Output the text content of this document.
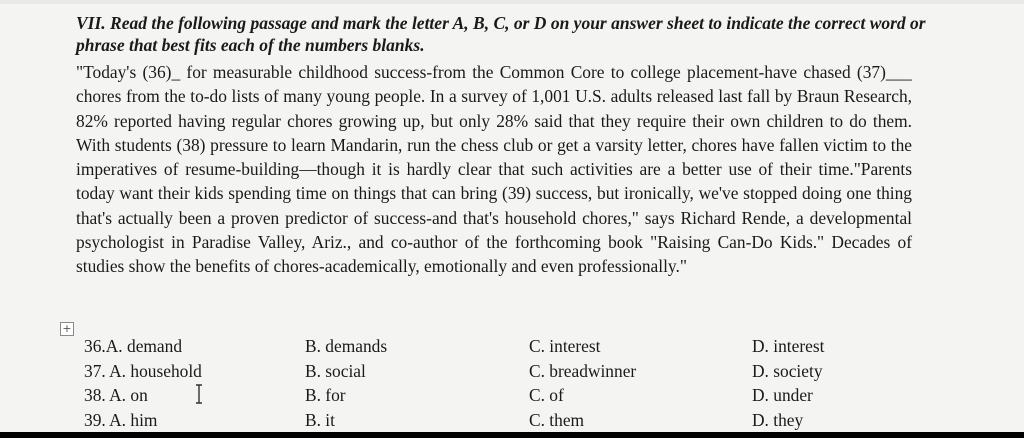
VII. Read the following passage and mark the letter A, B, C, or D on your answer sheet to indicate the correct word or phrase that best fits each of the numbers blanks.

"Today's (36)_ for measurable childhood success-from the Common Core to college placement-have chased (37)___ chores from the to-do lists of many young people. In a survey of 1,001 U.S. adults released last fall by Braun Research, 82% reported having regular chores growing up, but only 28% said that they require their own children to do them. With students (38) pressure to learn Mandarin, run the chess club or get a varsity letter, chores have fallen victim to the imperatives of resume-building—though it is hardly clear that such activities are a better use of their time."Parents today want their kids spending time on things that can bring (39) success, but ironically, we've stopped doing one thing that's actually been a proven predictor of success-and that's household chores," says Richard Rende, a developmental psychologist in Paradise Valley, Ariz., and co-author of the forthcoming book "Raising Can-Do Kids." Decades of studies show the benefits of chores-academically, emotionally and even professionally."

+
36.A. demand	B. demands	C. interest	D. interest
37. A. household	B. social	C. breadwinner	D. society
38. A. on	B. for	C. of	D. under
39. A. him	B. it	C. them	D. they
